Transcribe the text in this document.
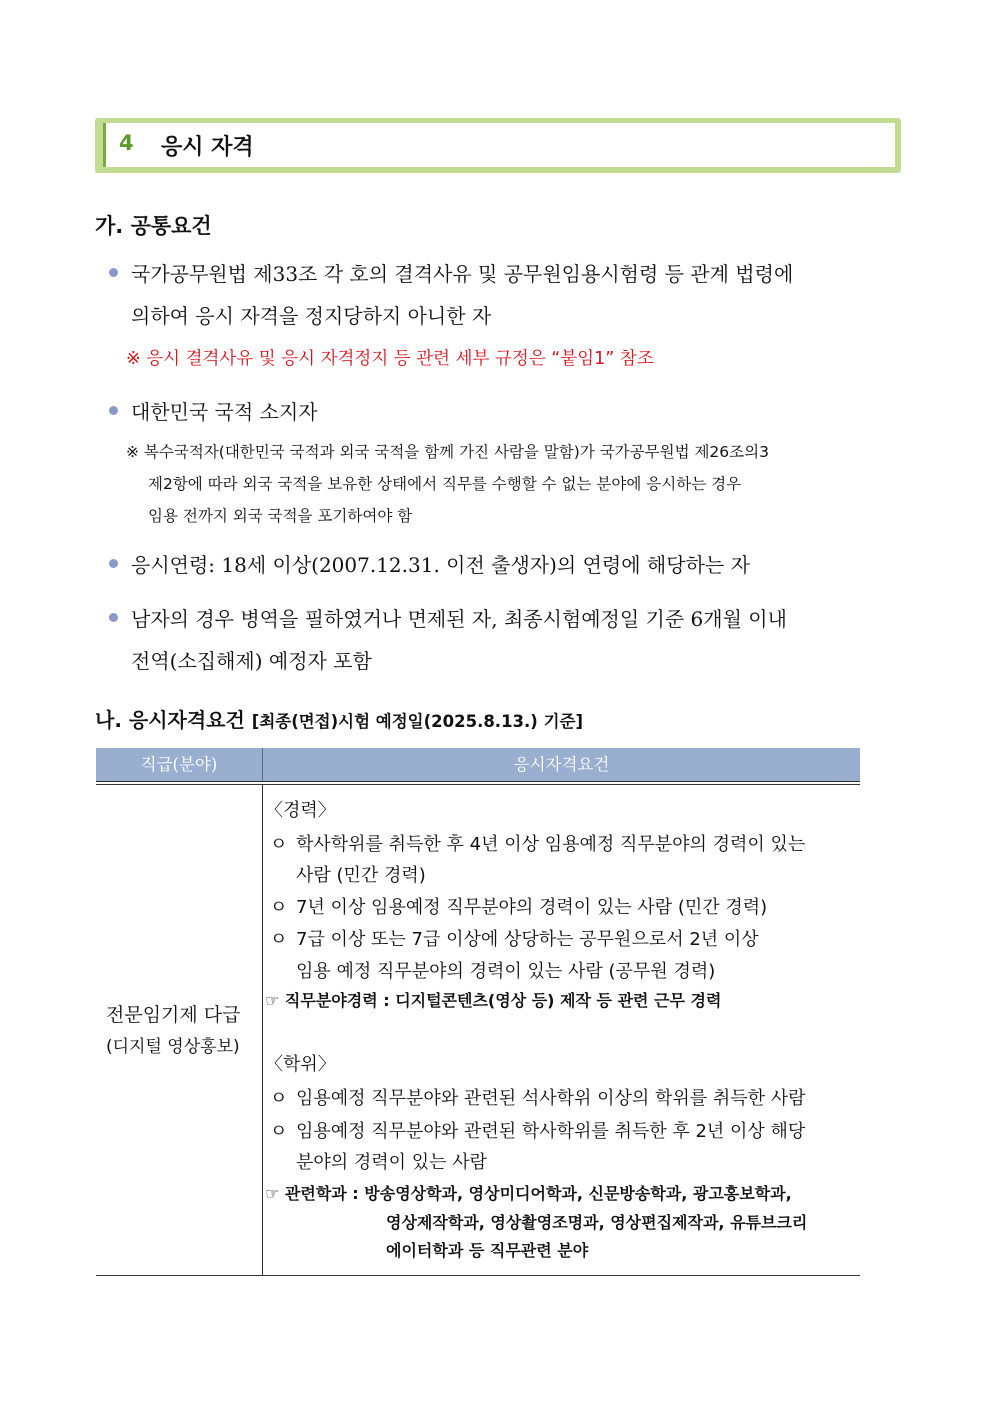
4 응시 자격
가. 공통요건
국가공무원법 제33조 각 호의 결격사유 및 공무원임용시험령 등 관계 법령에
의하여 응시 자격을 정지당하지 아니한 자
※ 응시 결격사유 및 응시 자격정지 등 관련 세부 규정은 “붙임1” 참조
대한민국 국적 소지자
※ 복수국적자(대한민국 국적과 외국 국적을 함께 가진 사람을 말함)가 국가공무원법 제26조의3
제2항에 따라 외국 국적을 보유한 상태에서 직무를 수행할 수 없는 분야에 응시하는 경우
임용 전까지 외국 국적을 포기하여야 함
응시연령: 18세 이상(2007.12.31. 이전 출생자)의 연령에 해당하는 자
남자의 경우 병역을 필하였거나 면제된 자, 최종시험예정일 기준 6개월 이내
전역(소집해제) 예정자 포함
나. 응시자격요건 [최종(면접)시험 예정일(2025.8.13.) 기준]
직급(분야)	응시자격요건
전문임기제 다급
(디지털 영상홍보)
〈경력〉
ㅇ 학사학위를 취득한 후 4년 이상 임용예정 직무분야의 경력이 있는
사람 (민간 경력)
ㅇ 7년 이상 임용예정 직무분야의 경력이 있는 사람 (민간 경력)
ㅇ 7급 이상 또는 7급 이상에 상당하는 공무원으로서 2년 이상
임용 예정 직무분야의 경력이 있는 사람 (공무원 경력)
☞ 직무분야경력 : 디지털콘텐츠(영상 등) 제작 등 관련 근무 경력
〈학위〉
ㅇ 임용예정 직무분야와 관련된 석사학위 이상의 학위를 취득한 사람
ㅇ 임용예정 직무분야와 관련된 학사학위를 취득한 후 2년 이상 해당
분야의 경력이 있는 사람
☞ 관련학과 : 방송영상학과, 영상미디어학과, 신문방송학과, 광고홍보학과,
영상제작학과, 영상촬영조명과, 영상편집제작과, 유튜브크리
에이터학과 등 직무관련 분야
